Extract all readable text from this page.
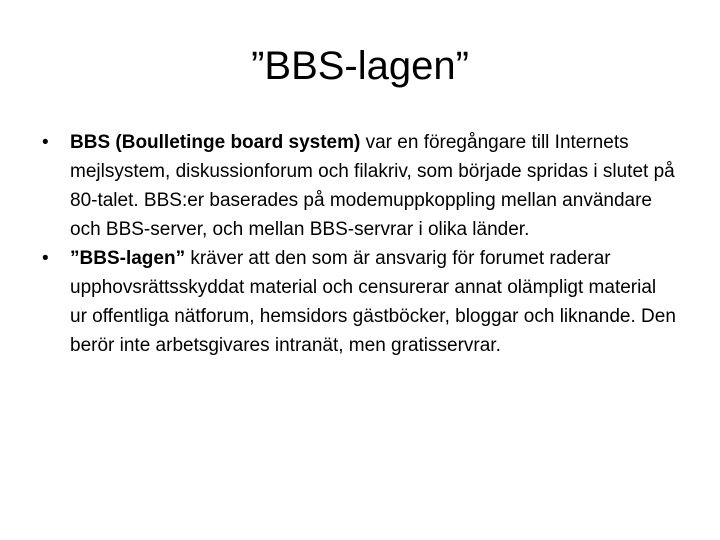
”BBS-lagen”
•	BBS (Boulletinge board system) var en föregångare till Internets mejlsystem, diskussionforum och filakriv, som började spridas i slutet på 80-talet. BBS:er baserades på modemuppkoppling mellan användare och BBS-server, och mellan BBS-servrar i olika länder.
•	”BBS-lagen” kräver att den som är ansvarig för forumet raderar upphovsrättsskyddat material och censurerar annat olämpligt material ur offentliga nätforum, hemsidors gästböcker, bloggar och liknande. Den berör inte arbetsgivares intranät, men gratisservrar.
